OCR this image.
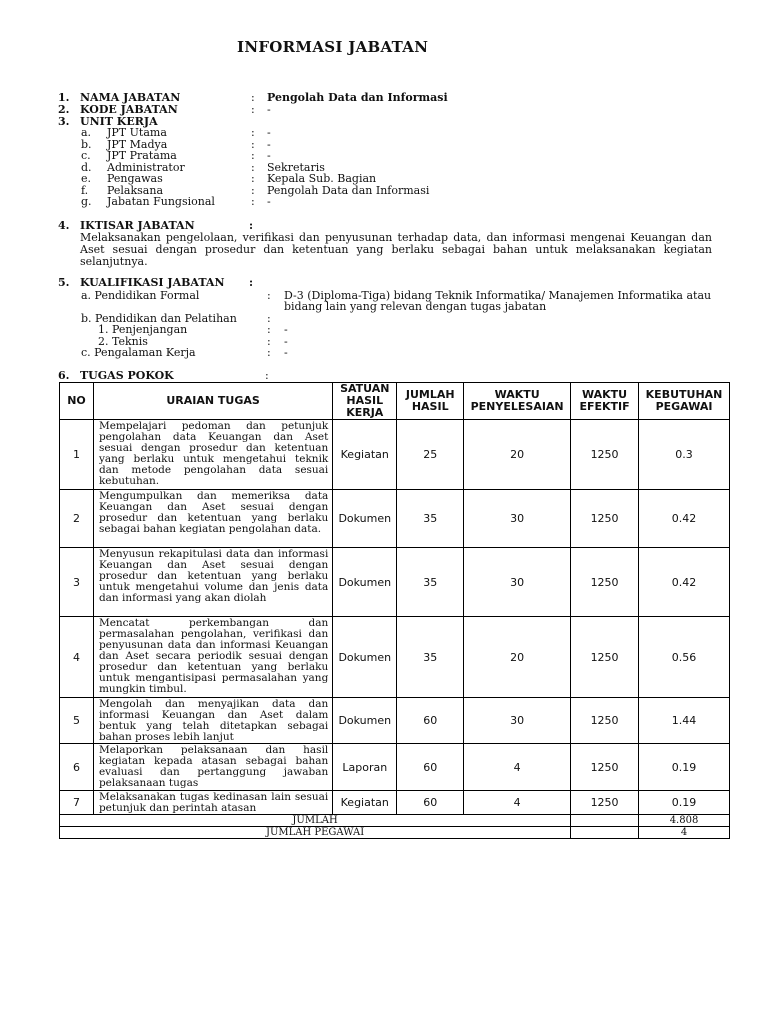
INFORMASI JABATAN
1. NAMA JABATAN	: Pengolah Data dan Informasi
2. KODE JABATAN	: -
3. UNIT KERJA
a. JPT Utama	: -
b. JPT Madya	: -
c. JPT Pratama	: -
d. Administrator	: Sekretaris
e. Pengawas	: Kepala Sub. Bagian
f. Pelaksana	: Pengolah Data dan Informasi
g. Jabatan Fungsional	: -
4. IKTISAR JABATAN	:
Melaksanakan pengelolaan, verifikasi dan penyusunan terhadap data, dan informasi mengenai Keuangan dan Aset sesuai dengan prosedur dan ketentuan yang berlaku sebagai bahan untuk melaksanakan kegiatan selanjutnya.
5. KUALIFIKASI JABATAN :
a. Pendidikan Formal	: D-3 (Diploma-Tiga) bidang Teknik Informatika/ Manajemen Informatika atau
bidang lain yang relevan dengan tugas jabatan
b. Pendidikan dan Pelatihan	:
1. Penjenjangan	: -
2. Teknis	: -
c. Pengalaman Kerja	: -
6. TUGAS POKOK	:
NO	URAIAN TUGAS	SATUAN HASIL KERJA	JUMLAH HASIL	WAKTU PENYELESAIAN	WAKTU EFEKTIF	KEBUTUHAN PEGAWAI
1	Mempelajari pedoman dan petunjuk pengolahan data Keuangan dan Aset sesuai dengan prosedur dan ketentuan yang berlaku untuk mengetahui teknik dan metode pengolahan data sesuai kebutuhan.	Kegiatan	25	20	1250	0.3
2	Mengumpulkan dan memeriksa data Keuangan dan Aset sesuai dengan prosedur dan ketentuan yang berlaku sebagai bahan kegiatan pengolahan data.	Dokumen	35	30	1250	0.42
3	Menyusun rekapitulasi data dan informasi Keuangan dan Aset sesuai dengan prosedur dan ketentuan yang berlaku untuk mengetahui volume dan jenis data dan informasi yang akan diolah	Dokumen	35	30	1250	0.42
4	Mencatat perkembangan dan permasalahan pengolahan, verifikasi dan penyusunan data dan informasi Keuangan dan Aset secara periodik sesuai dengan prosedur dan ketentuan yang berlaku untuk mengantisipasi permasalahan yang mungkin timbul.	Dokumen	35	20	1250	0.56
5	Mengolah dan menyajikan data dan informasi Keuangan dan Aset dalam bentuk yang telah ditetapkan sebagai bahan proses lebih lanjut	Dokumen	60	30	1250	1.44
6	Melaporkan pelaksanaan dan hasil kegiatan kepada atasan sebagai bahan evaluasi dan pertanggung jawaban pelaksanaan tugas	Laporan	60	4	1250	0.19
7	Melaksanakan tugas kedinasan lain sesuai petunjuk dan perintah atasan	Kegiatan	60	4	1250	0.19
JUMLAH						4.808
JUMLAH PEGAWAI						4
